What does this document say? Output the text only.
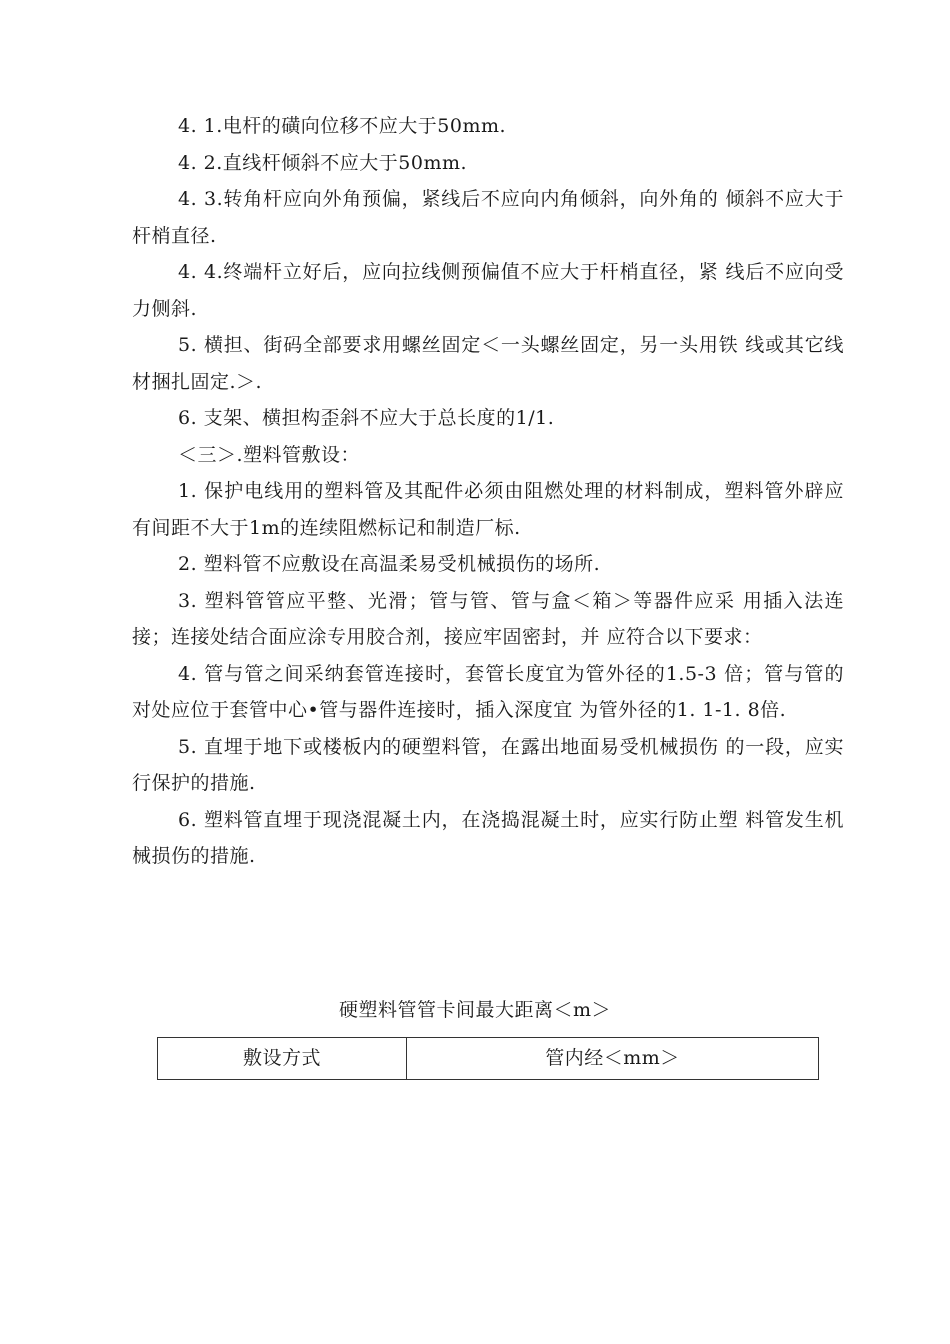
4. 1.电杆的磺向位移不应大于50mm.

4. 2.直线杆倾斜不应大于50mm.

4. 3.转角杆应向外角预偏，紧线后不应向内角倾斜，向外角的 倾斜不应大于杆梢直径.

4. 4.终端杆立好后，应向拉线侧预偏值不应大于杆梢直径，紧 线后不应向受力侧斜.

5. 横担、街码全部要求用螺丝固定＜一头螺丝固定，另一头用铁 线或其它线材捆扎固定.＞.

6. 支架、横担构歪斜不应大于总长度的1/1.

＜三＞.塑料管敷设：

1. 保护电线用的塑料管及其配件必须由阻燃处理的材料制成，塑料管外辟应有间距不大于1m的连续阻燃标记和制造厂标.

2. 塑料管不应敷设在高温柔易受机械损伤的场所.

3. 塑料管管应平整、光滑；管与管、管与盒＜箱＞等器件应采 用插入法连接；连接处结合面应涂专用胶合剂，接应牢固密封，并 应符合以下要求：

4. 管与管之间采纳套管连接时，套管长度宜为管外径的1.5-3 倍；管与管的对处应位于套管中心•管与器件连接时，插入深度宜 为管外径的1. 1-1. 8倍.

5. 直埋于地下或楼板内的硬塑料管，在露出地面易受机械损伤 的一段，应实行保护的措施.

6. 塑料管直埋于现浇混凝土内，在浇捣混凝土时，应实行防止塑 料管发生机械损伤的措施.

硬塑料管管卡间最大距离＜m＞
敷设方式	管内经＜mm＞
